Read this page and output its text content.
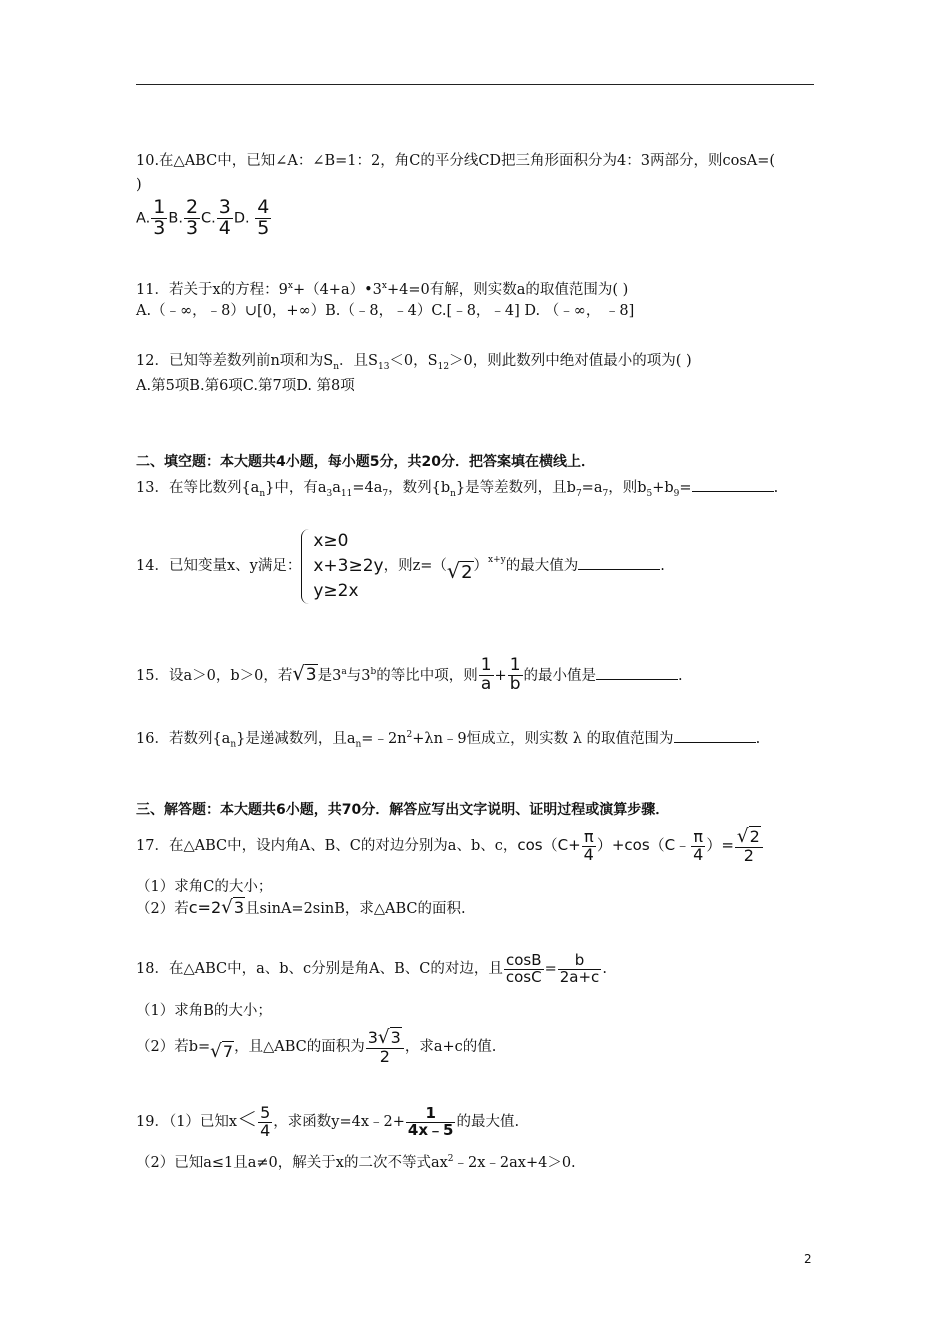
10.在△ABC中，已知∠A：∠B=1：2，角C的平分线CD把三角形面积分为4：3两部分，则cosA=(
)
A. $\frac{1}{3} B$. $\frac{2}{3} C$. $\frac{3}{4} D$. $\frac{4}{5}$
11．若关于x的方程：$9^x+(4+a)•3^x+4=0$有解，则实数a的取值范围为( )
A.（﹣∞，﹣8）∪[0，+∞）B.（﹣8，﹣4）C.[﹣8，﹣4] D. （﹣∞， ﹣8]
12．已知等差数列前n项和为$S_n$．且$S_{13}<0$，$S_{12}>0$，则此数列中绝对值最小的项为( )
A.第5项B.第6项C.第7项D. 第8项
二、填空题：本大题共4小题，每小题5分，共20分．把答案填在横线上．
13．在等比数列$\{a_n\}$中，有$a_3a_{11}=4a_7$，数列$\{b_n\}$是等差数列，且$b_7=a_7$，则$b_5+b_9=$	.
14．已知变量x、y满足：
x≥0
x+3≥2y
y≥2x
，则$z=(√2)^{x+y}$的最大值为	.
15．设a＞0，b＞0，若√3是3$^a$与3$^b$的等比中项，则 $\frac{1}{a} + \frac{1}{b}$ 的最小值是	.
16．若数列$\{a_n\}$是递减数列，且$a_n=﹣2n^2+\lambda n﹣9$恒成立，则实数 λ 的取值范围为	.
三、解答题：本大题共6小题，共70分．解答应写出文字说明、证明过程或演算步骤．
17．在△ABC中，设内角A、B、C的对边分别为a、b、c，$\cos(C+ \frac{\pi}{4}$ ）+cos（C﹣ $\frac{\pi}{4}$ ）= $\frac{√2}{2}$
（1）求角C的大小；
（2）若c=2√3且sinA=2sinB，求△ABC的面积.
18．在△ABC中，a、b、c分别是角A、B、C的对边，且 $\frac{\cos B}{\cos C} = \frac{b}{2a+c}$ .
（1）求角B的大小；
（2）若b=√7，且△ABC的面积为 $\frac{3√3}{2}$ ，求a+c的值.
19．（1）已知$x< \frac{5}{4}$ ，求函数y=4x﹣2+ $\frac{1}{4x﹣5}$ 的最大值.
（2）已知a≤1且a≠0，解关于x的二次不等式$ax^2﹣2x﹣2ax+4>0$.
2
